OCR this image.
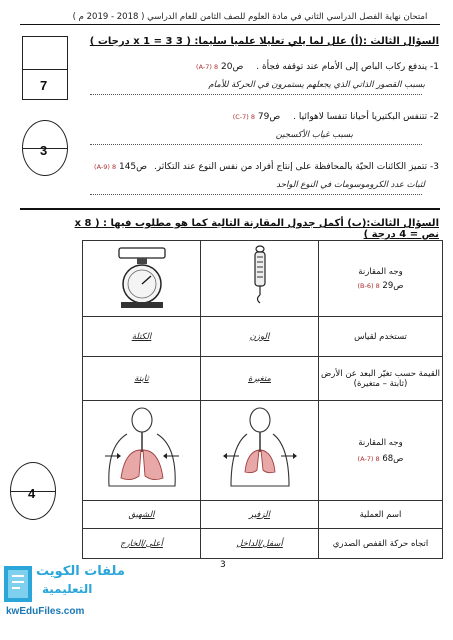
امتحان نهاية الفصل الدراسي الثاني في مادة العلوم للصف الثامن للعام الدراسي ( 2018 - 2019 م )
7
3
السؤال الثالث :(أ) علل لما يلي تعليلا علميا سليما: ( 3 x 1 = 3 درجات )
1- يندفع ركاب الباص إلى الأمام عند توقفه فجأة . ص20 8 (A-7)
بسبب القصور الذاتي الذي يجعلهم يستمرون في الحركة للأمام
2- تتنفس البكتيريا أحيانا تنفسا لاهوائيا . ص79 8 (C-7)
بسبب غياب الأكسجين
3- تتميز الكائنات الحيّة بالمحافظة على إنتاج أفراد من نفس النوع عند التكاثر. ص145 8 (A-9)
لثبات عدد الكروموسومات في النوع الواحد
السؤال الثالث:(ب) أكمل جدول المقارنة التالية كما هو مطلوب فيها : ( 8 x نص = 4 درجة )
4

وجه المقارنة
ص29 8 (B-6)

الكتلة	الوزن	تستخدم لقياس
ثابتة	متغيرة	القيمة حسب تغيّر البعد عن الأرض (ثابتة – متغيرة)

وجه المقارنة
ص68 8 (A-7)

الشهيق	الزفير	اسم العملية
أعلى/الخارج	أسفل/الداخل	اتجاه حركة القفص الصدري
3
ملفات الكويت
التعليمية
kwEduFiles.com
